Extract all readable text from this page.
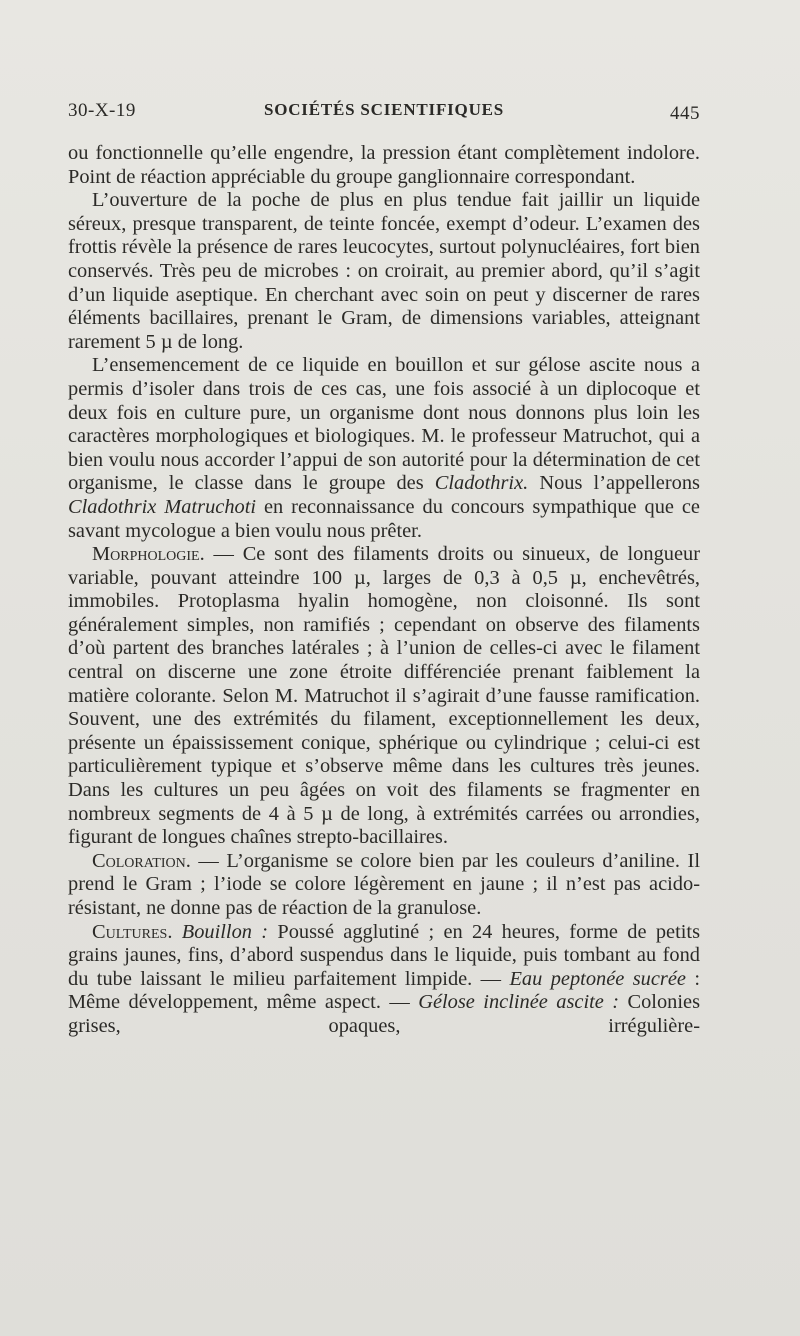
30-X-19	SOCIÉTÉS SCIENTIFIQUES	445

ou fonctionnelle qu’elle engendre, la pression étant complètement indolore. Point de réaction appréciable du groupe ganglionnaire correspondant.

L’ouverture de la poche de plus en plus tendue fait jaillir un liquide séreux, presque transparent, de teinte foncée, exempt d’odeur. L’examen des frottis révèle la présence de rares leucocytes, surtout polynucléaires, fort bien conservés. Très peu de microbes : on croirait, au premier abord, qu’il s’agit d’un liquide aseptique. En cherchant avec soin on peut y discerner de rares éléments bacillaires, prenant le Gram, de dimensions variables, atteignant rarement 5 µ de long.

L’ensemencement de ce liquide en bouillon et sur gélose ascite nous a permis d’isoler dans trois de ces cas, une fois associé à un diplocoque et deux fois en culture pure, un organisme dont nous donnons plus loin les caractères morphologiques et biologiques. M. le professeur Matruchot, qui a bien voulu nous accorder l’appui de son autorité pour la détermination de cet organisme, le classe dans le groupe des Cladothrix. Nous l’appellerons Cladothrix Matruchoti en reconnaissance du concours sympathique que ce savant mycologue a bien voulu nous prêter.

Morphologie. — Ce sont des filaments droits ou sinueux, de longueur variable, pouvant atteindre 100 µ, larges de 0,3 à 0,5 µ, enchevêtrés, immobiles. Protoplasma hyalin homogène, non cloisonné. Ils sont généralement simples, non ramifiés ; cependant on observe des filaments d’où partent des branches latérales ; à l’union de celles-ci avec le filament central on discerne une zone étroite différenciée prenant faiblement la matière colorante. Selon M. Matruchot il s’agirait d’une fausse ramification. Souvent, une des extrémités du filament, exceptionnellement les deux, présente un épaississement conique, sphérique ou cylindrique ; celui-ci est particulièrement typique et s’observe même dans les cultures très jeunes. Dans les cultures un peu âgées on voit des filaments se fragmenter en nombreux segments de 4 à 5 µ de long, à extrémités carrées ou arrondies, figurant de longues chaînes strepto-bacillaires.

Coloration. — L’organisme se colore bien par les couleurs d’aniline. Il prend le Gram ; l’iode se colore légèrement en jaune ; il n’est pas acido-résistant, ne donne pas de réaction de la granulose.

Cultures. Bouillon : Poussé agglutiné ; en 24 heures, forme de petits grains jaunes, fins, d’abord suspendus dans le liquide, puis tombant au fond du tube laissant le milieu parfaitement limpide. — Eau peptonée sucrée : Même développement, même aspect. — Gélose inclinée ascite : Colonies grises, opaques, irrégulière-
